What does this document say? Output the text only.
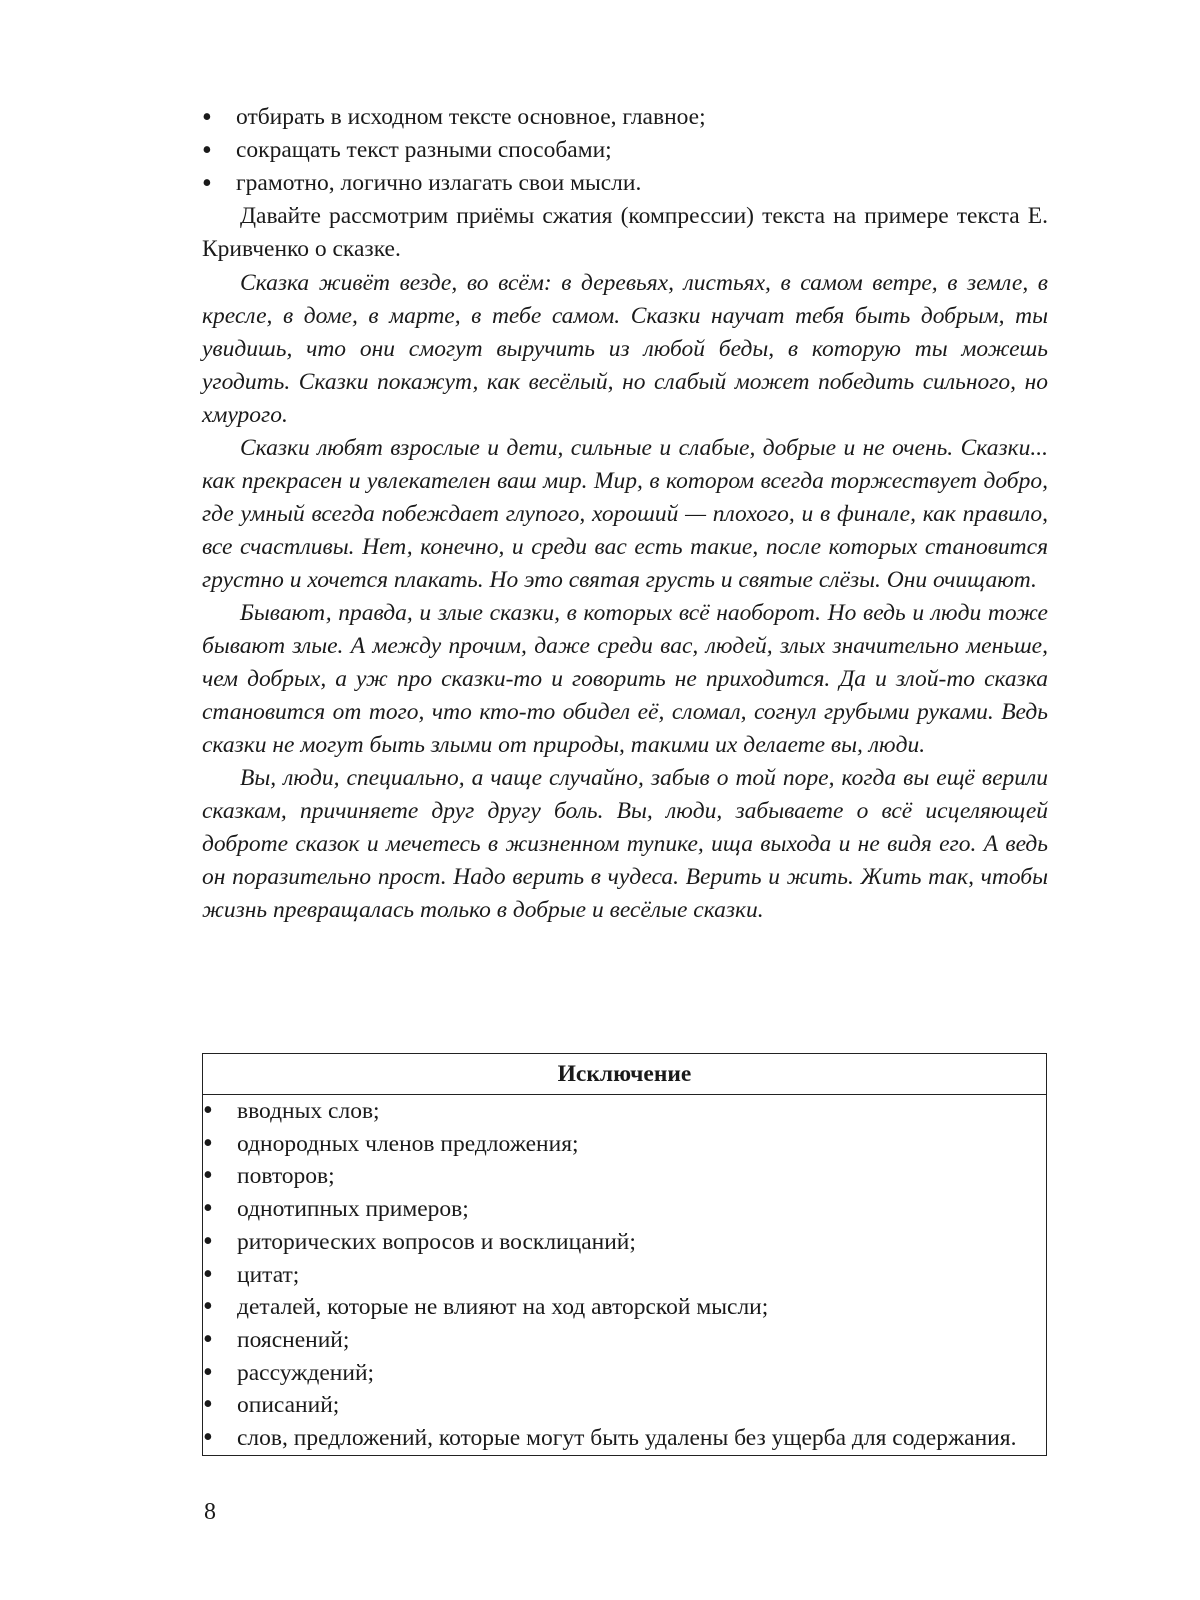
• отбирать в исходном тексте основное, главное;
• сокращать текст разными способами;
• грамотно, логично излагать свои мысли.

Давайте рассмотрим приёмы сжатия (компрессии) текста на примере текста Е. Кривченко о сказке.

Сказка живёт везде, во всём: в деревьях, листьях, в самом ветре, в земле, в кресле, в доме, в марте, в тебе самом. Сказки научат тебя быть добрым, ты увидишь, что они смогут выручить из любой беды, в которую ты можешь угодить. Сказки покажут, как весёлый, но слабый может победить сильного, но хмурого.

Сказки любят взрослые и дети, сильные и слабые, добрые и не очень. Сказки... как прекрасен и увлекателен ваш мир. Мир, в котором всегда торжествует добро, где умный всегда побеждает глупого, хороший — плохого, и в финале, как правило, все счастливы. Нет, конечно, и среди вас есть такие, после которых становится грустно и хочется плакать. Но это святая грусть и святые слёзы. Они очищают.

Бывают, правда, и злые сказки, в которых всё наоборот. Но ведь и люди тоже бывают злые. А между прочим, даже среди вас, людей, злых значительно меньше, чем добрых, а уж про сказки-то и говорить не приходится. Да и злой-то сказка становится от того, что кто-то обидел её, сломал, согнул грубыми руками. Ведь сказки не могут быть злыми от природы, такими их делаете вы, люди.

Вы, люди, специально, а чаще случайно, забыв о той поре, когда вы ещё верили сказкам, причиняете друг другу боль. Вы, люди, забываете о всё исцеляющей доброте сказок и мечетесь в жизненном тупике, ища выхода и не видя его. А ведь он поразительно прост. Надо верить в чудеса. Верить и жить. Жить так, чтобы жизнь превращалась только в добрые и весёлые сказки.

Исключение
• вводных слов;
• однородных членов предложения;
• повторов;
• однотипных примеров;
• риторических вопросов и восклицаний;
• цитат;
• деталей, которые не влияют на ход авторской мысли;
• пояснений;
• рассуждений;
• описаний;
• слов, предложений, которые могут быть удалены без ущерба для содержания.
8
